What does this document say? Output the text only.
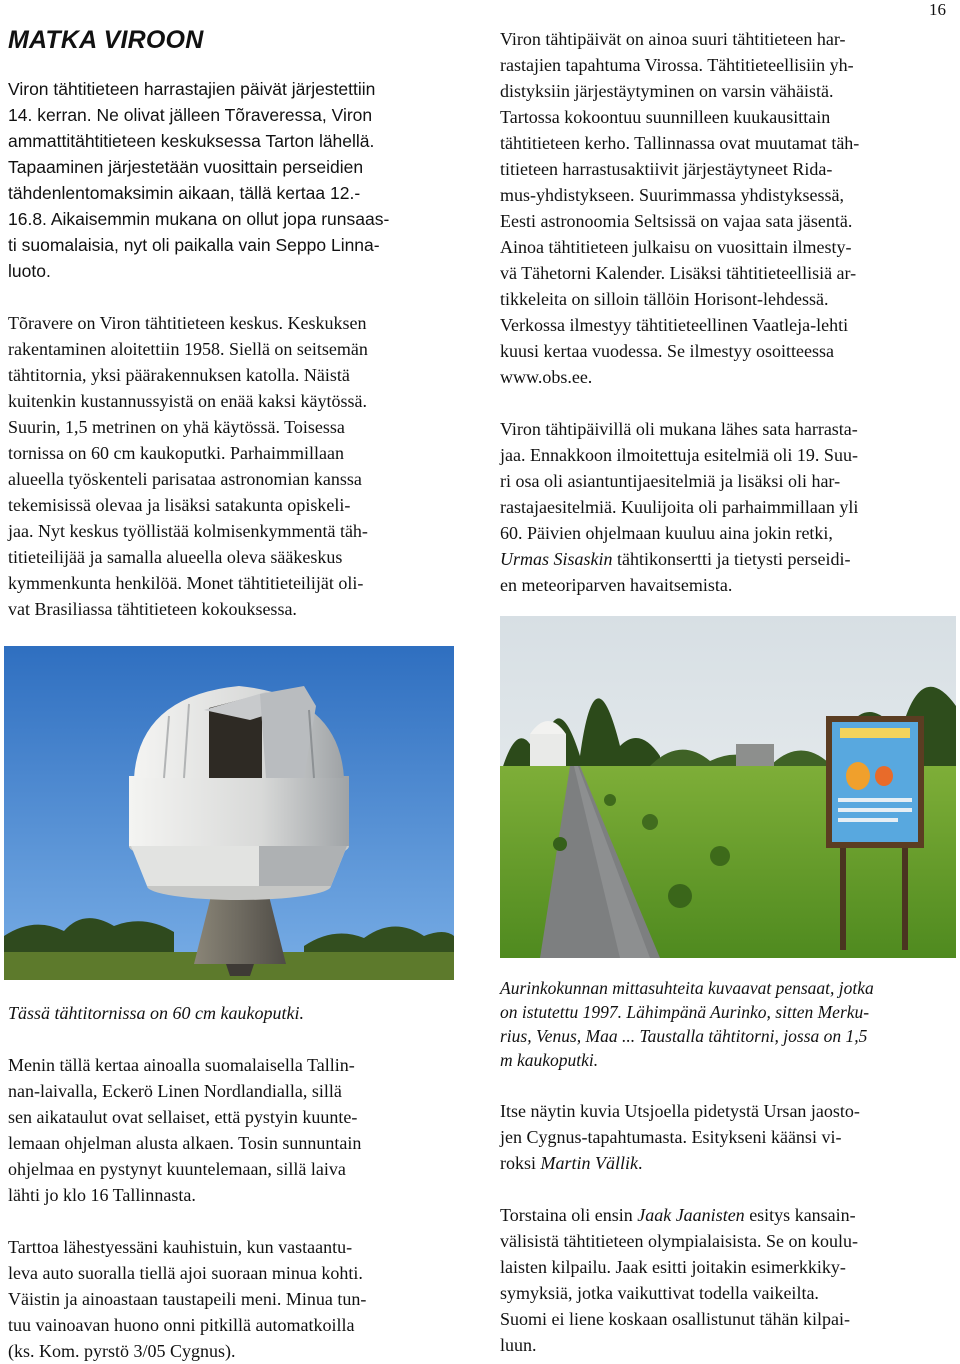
16
MATKA VIROON

Viron tähtitieteen harrastajien päivät järjestettiin
14. kerran. Ne olivat jälleen Tõraveressa, Viron
ammattitähtitieteen keskuksessa Tarton lähellä.
Tapaaminen järjestetään vuosittain perseidien
tähdenlentomaksimin aikaan, tällä kertaa 12.-
16.8. Aikaisemmin mukana on ollut jopa runsaas-
ti suomalaisia, nyt oli paikalla vain Seppo Linna-
luoto.

Tõravere on Viron tähtitieteen keskus. Keskuksen
rakentaminen aloitettiin 1958. Siellä on seitsemän
tähtitornia, yksi päärakennuksen katolla. Näistä
kuitenkin kustannussyistä on enää kaksi käytössä.
Suurin, 1,5 metrinen on yhä käytössä. Toisessa
tornissa on 60 cm kaukoputki. Parhaimmillaan
alueella työskenteli parisataa astronomian kanssa
tekemisissä olevaa ja lisäksi satakunta opiskeli-
jaa. Nyt keskus työllistää kolmisenkymmentä täh-
titieteilijää ja samalla alueella oleva sääkeskus
kymmenkunta henkilöä. Monet tähtitieteilijät oli-
vat Brasiliassa tähtitieteen kokouksessa.

Viron tähtipäivät on ainoa suuri tähtitieteen har-
rastajien tapahtuma Virossa. Tähtitieteellisiin yh-
distyksiin järjestäytyminen on varsin vähäistä.
Tartossa kokoontuu suunnilleen kuukausittain
tähtitieteen kerho. Tallinnassa ovat muutamat täh-
titieteen harrastusaktiivit järjestäytyneet Rida-
mus-yhdistykseen. Suurimmassa yhdistyksessä,
Eesti astronoomia Seltsissä on vajaa sata jäsentä.
Ainoa tähtitieteen julkaisu on vuosittain ilmesty-
vä Tähetorni Kalender. Lisäksi tähtitieteellisiä ar-
tikkeleita on silloin tällöin Horisont-lehdessä.
Verkossa ilmestyy tähtitieteellinen Vaatleja-lehti
kuusi kertaa vuodessa. Se ilmestyy osoitteessa
www.obs.ee.

Viron tähtipäivillä oli mukana lähes sata harrasta-
jaa. Ennakkoon ilmoitettuja esitelmiä oli 19. Suu-
ri osa oli asiantuntijaesitelmiä ja lisäksi oli har-
rastajaesitelmiä. Kuulijoita oli parhaimmillaan yli
60. Päivien ohjelmaan kuuluu aina jokin retki,
Urmas Sisaskin tähtikonsertti ja tietysti perseidi-
en meteoriparven havaitsemista.

Tässä tähtitornissa on 60 cm kaukoputki.

Menin tällä kertaa ainoalla suomalaisella Tallin-
nan-laivalla, Eckerö Linen Nordlandialla, sillä
sen aikataulut ovat sellaiset, että pystyin kuunte-
lemaan ohjelman alusta alkaen. Tosin sunnuntain
ohjelmaa en pystynyt kuuntelemaan, sillä laiva
lähti jo klo 16 Tallinnasta.

Tarttoa lähestyessäni kauhistuin, kun vastaantu-
leva auto suoralla tiellä ajoi suoraan minua kohti.
Väistin ja ainoastaan taustapeili meni. Minua tun-
tuu vainoavan huono onni pitkillä automatkoilla
(ks. Kom. pyrstö 3/05 Cygnus).

Aurinkokunnan mittasuhteita kuvaavat pensaat, jotka
on istutettu 1997. Lähimpänä Aurinko, sitten Merku-
rius, Venus, Maa ... Taustalla tähtitorni, jossa on 1,5
m kaukoputki.

Itse näytin kuvia Utsjoella pidetystä Ursan jaosto-
jen Cygnus-tapahtumasta. Esitykseni käänsi vi-
roksi Martin Vällik.

Torstaina oli ensin Jaak Jaanisten esitys kansain-
välisistä tähtitieteen olympialaisista. Se on koulu-
laisten kilpailu. Jaak esitti joitakin esimerkkiky-
symyksiä, jotka vaikuttivat todella vaikeilta.
Suomi ei liene koskaan osallistunut tähän kilpai-
luun.
